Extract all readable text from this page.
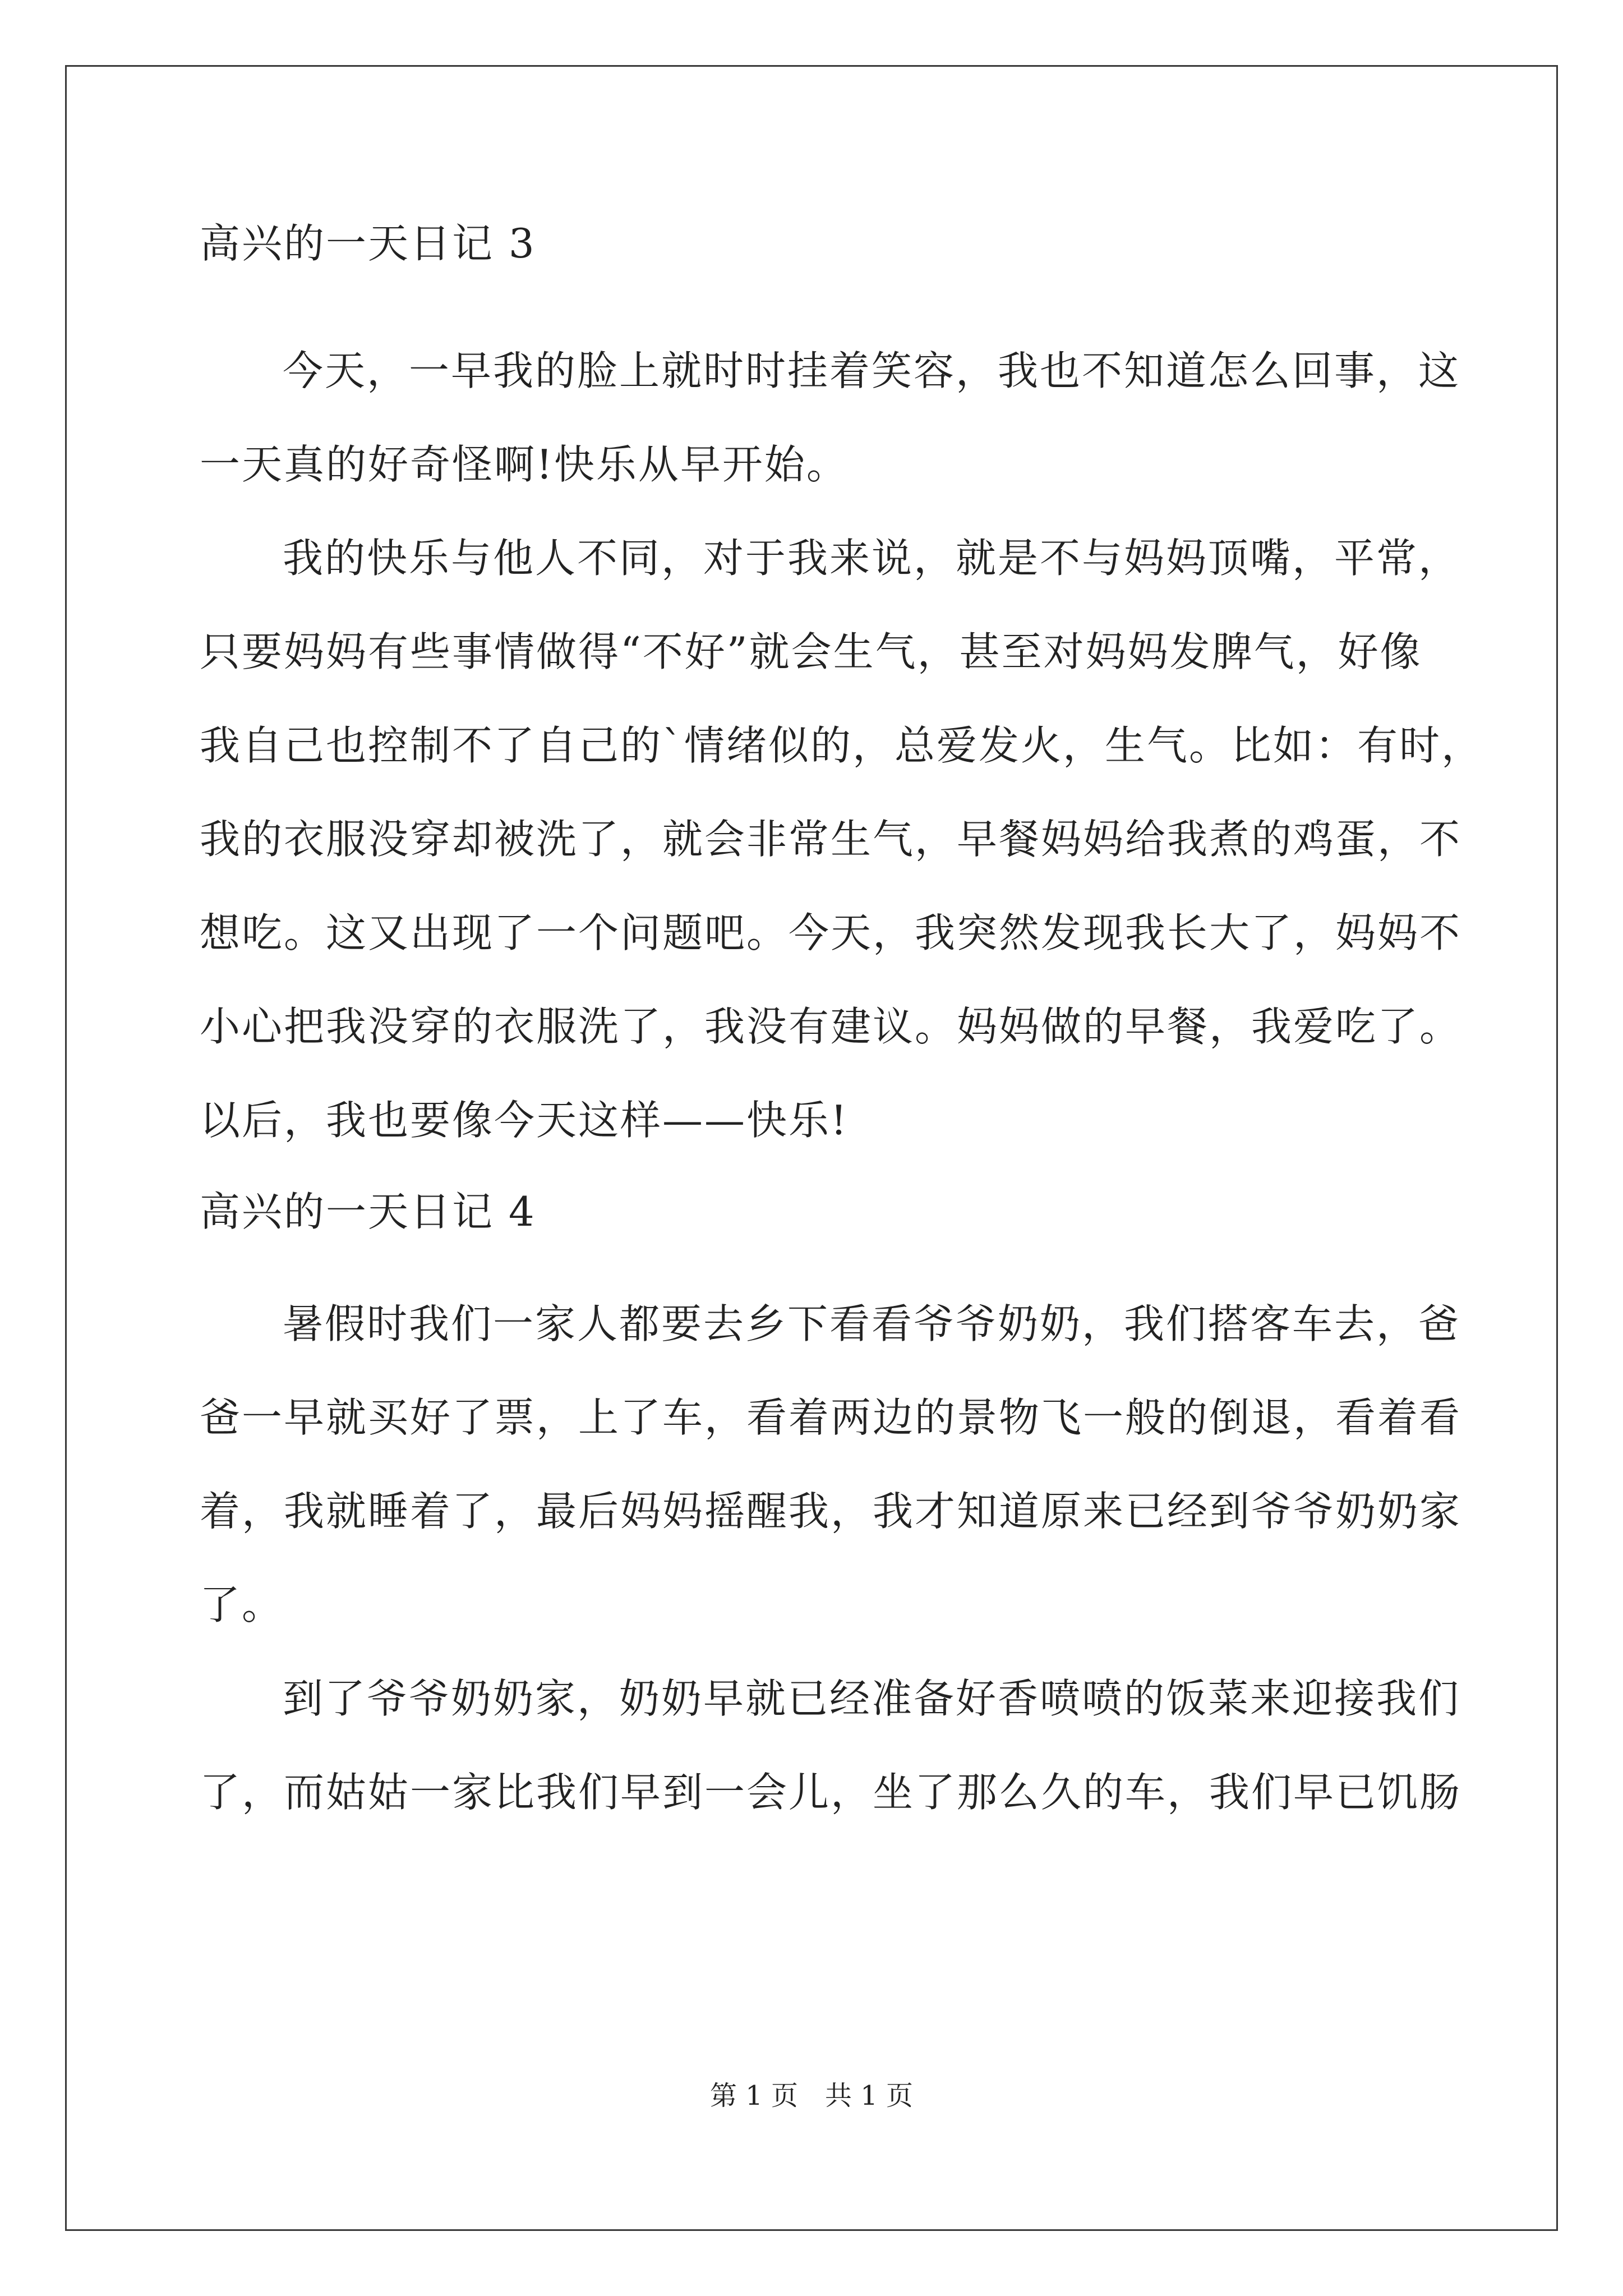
高兴的一天日记 3
今天，一早我的脸上就时时挂着笑容，我也不知道怎么回事，这
一天真的好奇怪啊!快乐从早开始。
我的快乐与他人不同，对于我来说，就是不与妈妈顶嘴，平常，
只要妈妈有些事情做得“不好”就会生气，甚至对妈妈发脾气，好像
我自己也控制不了自己的`情绪似的，总爱发火，生气。比如：有时，
我的衣服没穿却被洗了，就会非常生气，早餐妈妈给我煮的鸡蛋，不
想吃。这又出现了一个问题吧。今天，我突然发现我长大了，妈妈不
小心把我没穿的衣服洗了，我没有建议。妈妈做的早餐，我爱吃了。
以后，我也要像今天这样——快乐!
高兴的一天日记 4
暑假时我们一家人都要去乡下看看爷爷奶奶，我们搭客车去，爸
爸一早就买好了票，上了车，看着两边的景物飞一般的倒退，看着看
着，我就睡着了，最后妈妈摇醒我，我才知道原来已经到爷爷奶奶家
了。
到了爷爷奶奶家，奶奶早就已经准备好香喷喷的饭菜来迎接我们
了，而姑姑一家比我们早到一会儿，坐了那么久的车，我们早已饥肠
第 1 页　共 1 页
